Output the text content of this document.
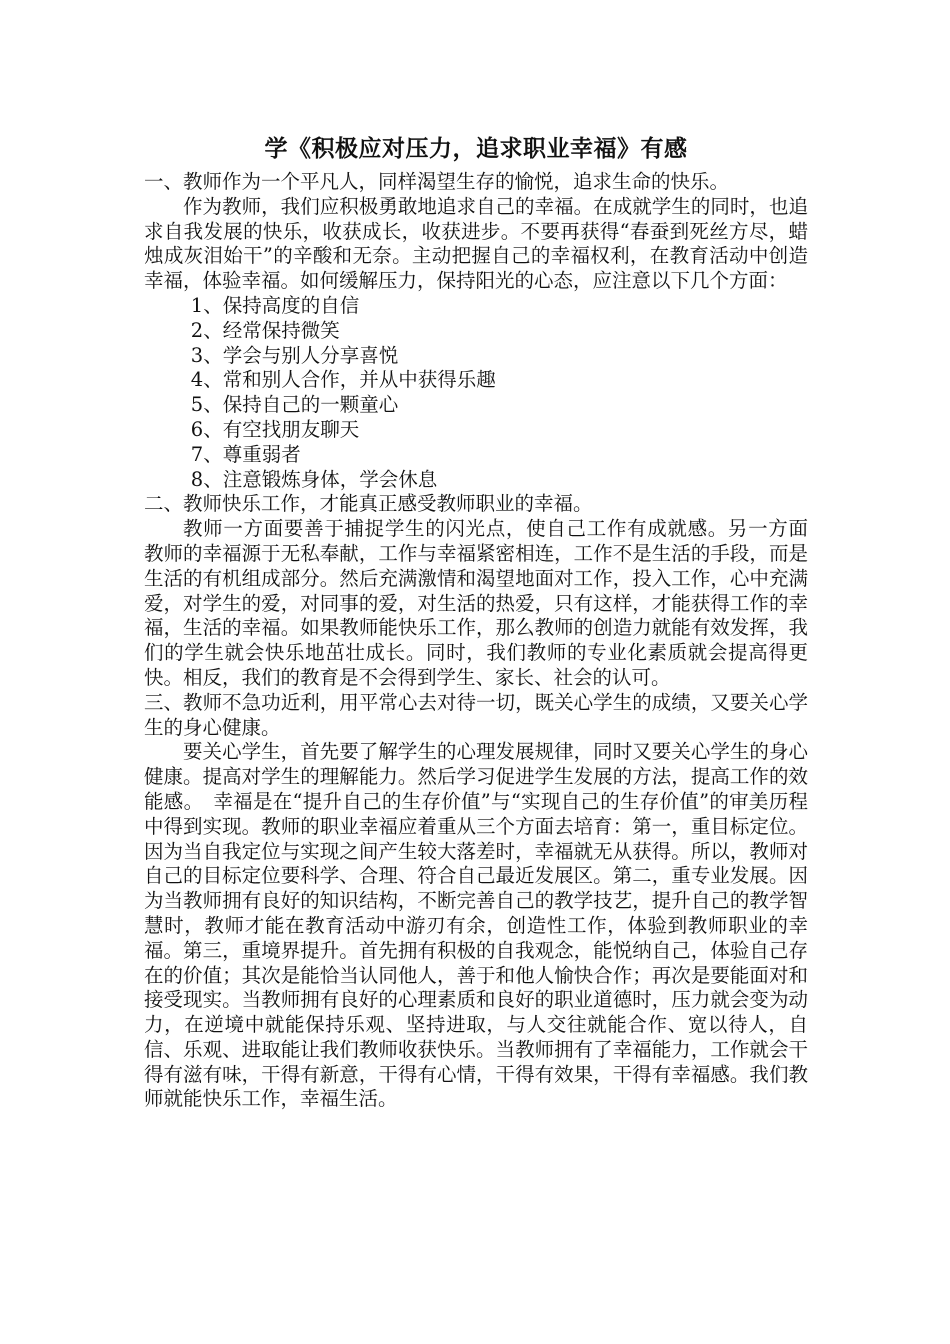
学《积极应对压力，追求职业幸福》有感

一、教师作为一个平凡人，同样渴望生存的愉悦，追求生命的快乐。

作为教师，我们应积极勇敢地追求自己的幸福。在成就学生的同时，也追求自我发展的快乐，收获成长，收获进步。不要再获得“春蚕到死丝方尽，蜡烛成灰泪始干”的辛酸和无奈。主动把握自己的幸福权利，在教育活动中创造幸福，体验幸福。如何缓解压力，保持阳光的心态，应注意以下几个方面：

1、保持高度的自信

2、经常保持微笑

3、学会与别人分享喜悦

4、常和别人合作，并从中获得乐趣

5、保持自己的一颗童心

6、有空找朋友聊天

7、尊重弱者

8、注意锻炼身体，学会休息

二、教师快乐工作，才能真正感受教师职业的幸福。

教师一方面要善于捕捉学生的闪光点，使自己工作有成就感。另一方面　教师的幸福源于无私奉献，工作与幸福紧密相连，工作不是生活的手段，而是生活的有机组成部分。然后充满激情和渴望地面对工作，投入工作，心中充满爱，对学生的爱，对同事的爱，对生活的热爱，只有这样，才能获得工作的幸福，生活的幸福。如果教师能快乐工作，那么教师的创造力就能有效发挥，我们的学生就会快乐地茁壮成长。同时，我们教师的专业化素质就会提高得更快。相反，我们的教育是不会得到学生、家长、社会的认可。

三、教师不急功近利，用平常心去对待一切，既关心学生的成绩，又要关心学生的身心健康。

要关心学生，首先要了解学生的心理发展规律，同时又要关心学生的身心健康。提高对学生的理解能力。然后学习促进学生发展的方法，提高工作的效能感。　幸福是在“提升自己的生存价值”与“实现自己的生存价值”的审美历程中得到实现。教师的职业幸福应着重从三个方面去培育：第一，重目标定位。因为当自我定位与实现之间产生较大落差时，幸福就无从获得。所以，教师对自己的目标定位要科学、合理、符合自己最近发展区。第二，重专业发展。因为当教师拥有良好的知识结构，不断完善自己的教学技艺，提升自己的教学智慧时，教师才能在教育活动中游刃有余，创造性工作，体验到教师职业的幸福。第三，重境界提升。首先拥有积极的自我观念，能悦纳自己，体验自己存在的价值；其次是能恰当认同他人，善于和他人愉快合作；再次是要能面对和接受现实。当教师拥有良好的心理素质和良好的职业道德时，压力就会变为动力，在逆境中就能保持乐观、坚持进取，与人交往就能合作、宽以待人，自信、乐观、进取能让我们教师收获快乐。当教师拥有了幸福能力，工作就会干得有滋有味，干得有新意，干得有心情，干得有效果，干得有幸福感。我们教师就能快乐工作，幸福生活。
